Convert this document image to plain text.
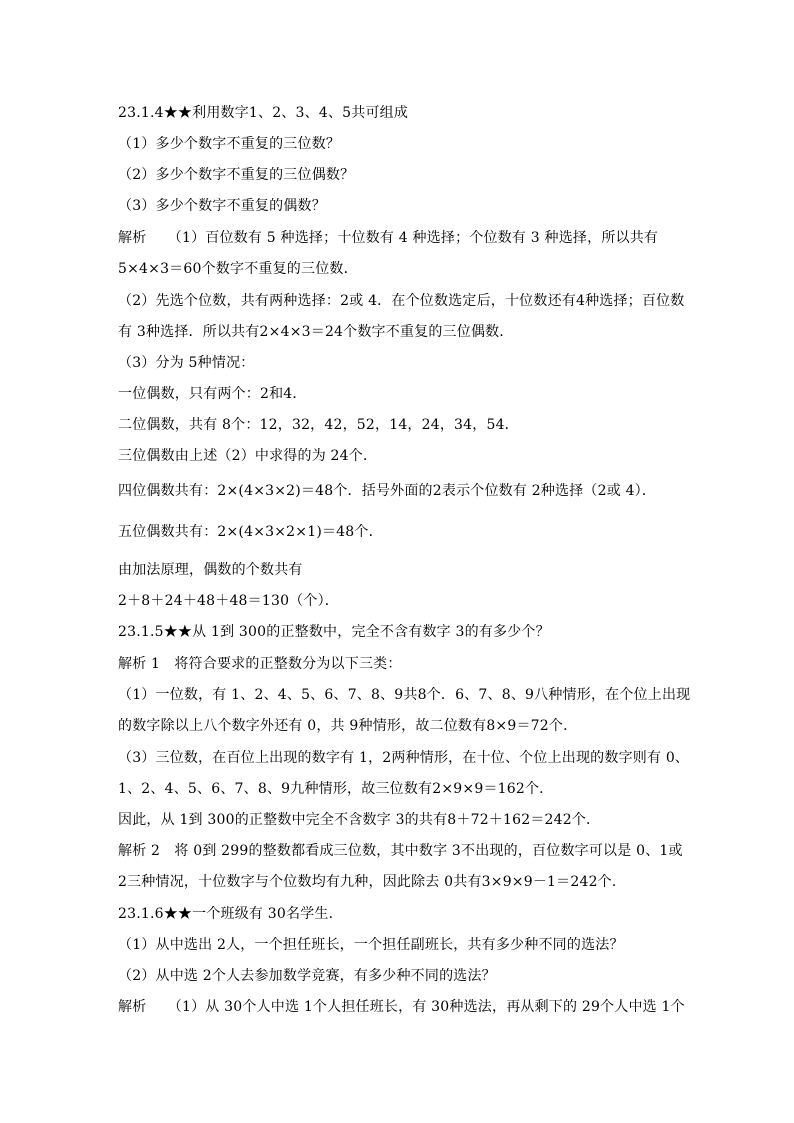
23.1.4★★利用数字1、2、3、4、5共可组成
（1）多少个数字不重复的三位数？
（2）多少个数字不重复的三位偶数？
（3）多少个数字不重复的偶数？
解析　　（1）百位数有 5 种选择；十位数有 4 种选择；个位数有 3 种选择，所以共有
5×4×3＝60个数字不重复的三位数．
（2）先选个位数，共有两种选择：2或 4．在个位数选定后，十位数还有4种选择；百位数
有 3种选择．所以共有2×4×3＝24个数字不重复的三位偶数．
（3）分为 5种情况：
一位偶数，只有两个：2和4．
二位偶数，共有 8个：12，32，42，52，14，24，34，54．
三位偶数由上述（2）中求得的为 24个．
四位偶数共有：2×(4×3×2)＝48个．括号外面的2表示个位数有 2种选择（2或 4）．
五位偶数共有：2×(4×3×2×1)＝48个．
由加法原理，偶数的个数共有
2＋8＋24＋48＋48＝130（个）．
23.1.5★★从 1到 300的正整数中，完全不含有数字 3的有多少个？
解析 1　将符合要求的正整数分为以下三类：
（1）一位数，有 1、2、4、5、6、7、8、9共8个．6、7、8、9八种情形，在个位上出现
的数字除以上八个数字外还有 0，共 9种情形，故二位数有8×9＝72个．
（3）三位数，在百位上出现的数字有 1，2两种情形，在十位、个位上出现的数字则有 0、
1、2、4、5、6、7、8、9九种情形，故三位数有2×9×9＝162个．
因此，从 1到 300的正整数中完全不含数字 3的共有8＋72＋162＝242个．
解析 2　将 0到 299的整数都看成三位数，其中数字 3不出现的，百位数字可以是 0、1或
2三种情况，十位数字与个位数均有九种，因此除去 0共有3×9×9－1＝242个．
23.1.6★★一个班级有 30名学生．
（1）从中选出 2人，一个担任班长，一个担任副班长，共有多少种不同的选法？
（2）从中选 2个人去参加数学竞赛，有多少种不同的选法？
解析　　（1）从 30个人中选 1个人担任班长，有 30种选法，再从剩下的 29个人中选 1个
